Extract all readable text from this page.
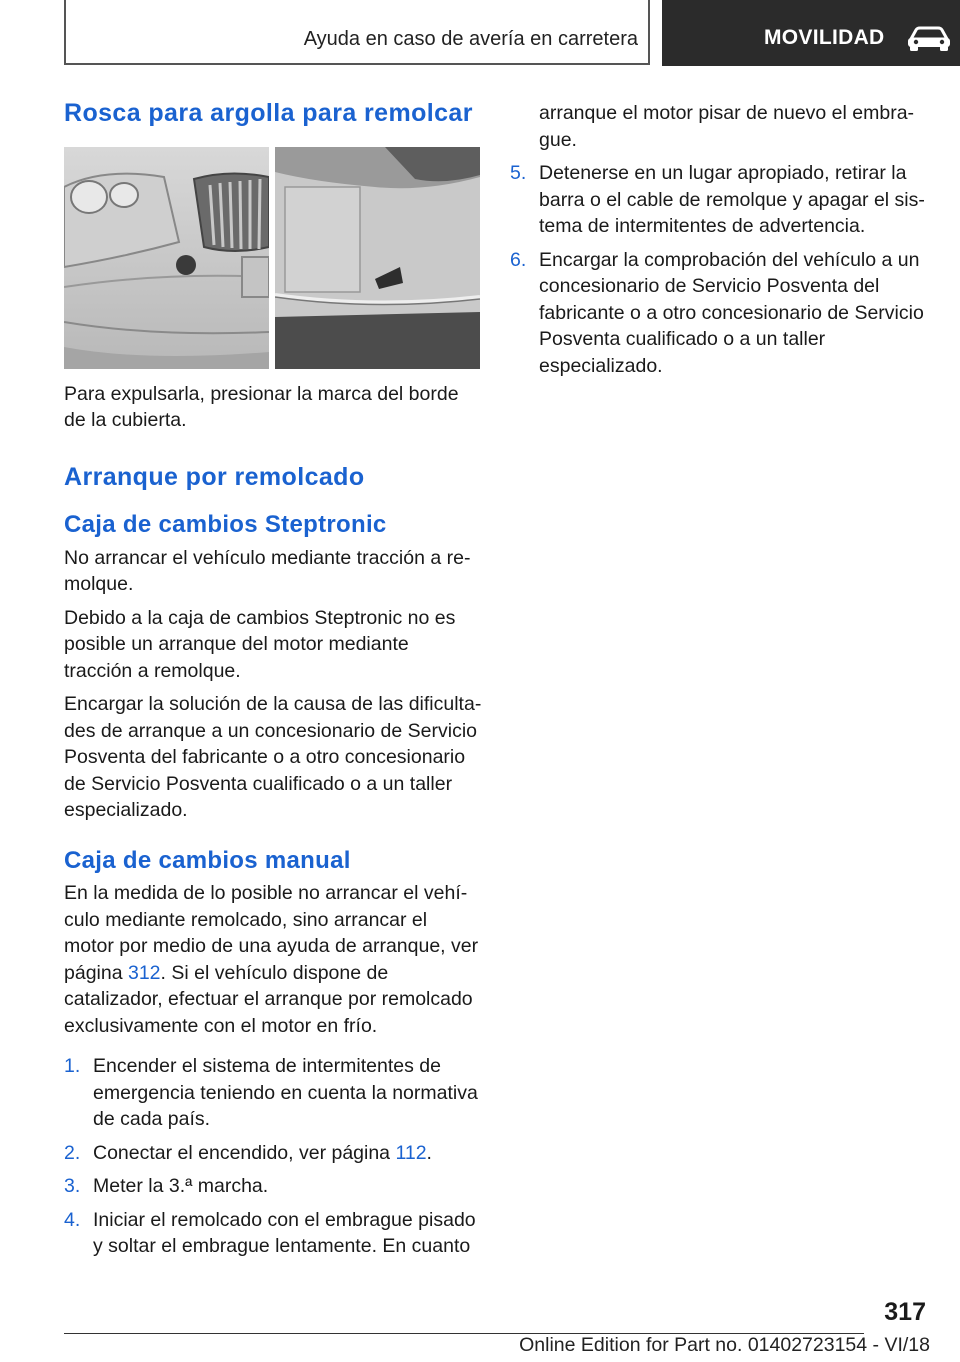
Ayuda en caso de avería en carretera	MOVILIDAD
Rosca para argolla para remolcar

Para expulsarla, presionar la marca del borde de la cubierta.

Arranque por remolcado
Caja de cambios Steptronic

No arrancar el vehículo mediante tracción a remolque.

Debido a la caja de cambios Steptronic no es posible un arranque del motor mediante tracción a remolque.

Encargar la solución de la causa de las dificultades de arranque a un concesionario de Servicio Posventa del fabricante o a otro concesionario de Servicio Posventa cualificado o a un taller especializado.

Caja de cambios manual

En la medida de lo posible no arrancar el vehículo mediante remolcado, sino arrancar el motor por medio de una ayuda de arranque, ver página 312. Si el vehículo dispone de catalizador, efectuar el arranque por remolcado exclusivamente con el motor en frío.

1. Encender el sistema de intermitentes de emergencia teniendo en cuenta la normativa de cada país.
2. Conectar el encendido, ver página 112.
3. Meter la 3.ª marcha.
4. Iniciar el remolcado con el embrague pisado y soltar el embrague lentamente. En cuanto
arranque el motor pisar de nuevo el embrague.
5. Detenerse en un lugar apropiado, retirar la barra o el cable de remolque y apagar el sistema de intermitentes de advertencia.
6. Encargar la comprobación del vehículo a un concesionario de Servicio Posventa del fabricante o a otro concesionario de Servicio Posventa cualificado o a un taller especializado.
317
Online Edition for Part no. 01402723154 - VI/18
